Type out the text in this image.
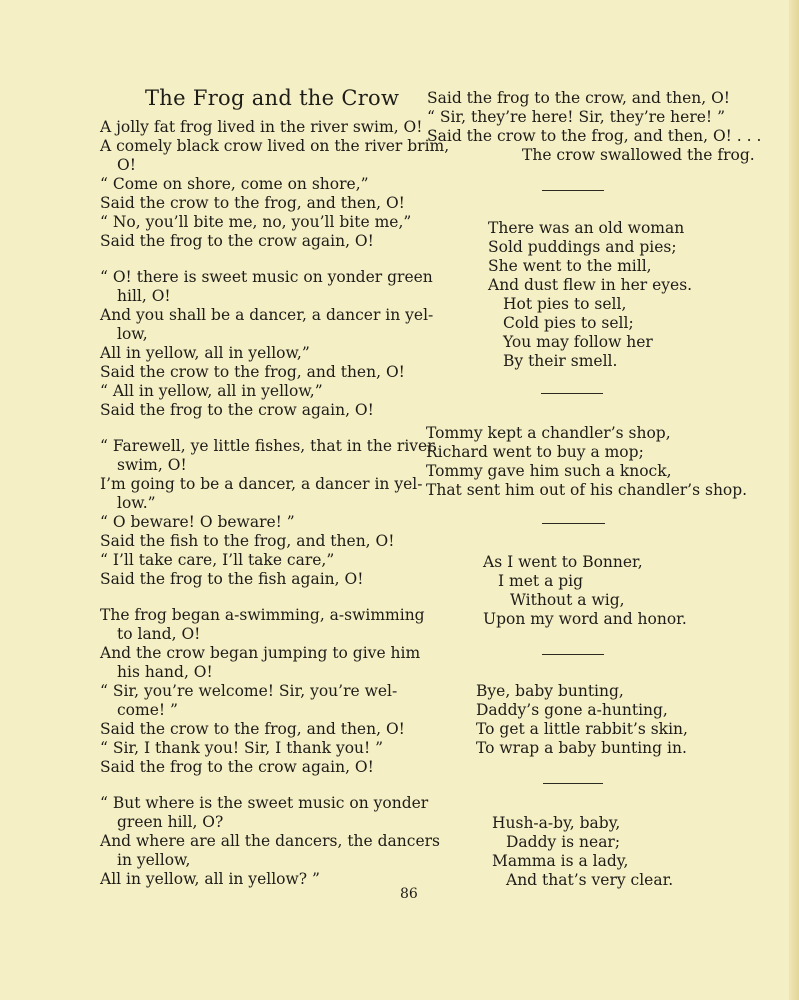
The Frog and the Crow
A jolly fat frog lived in the river swim, O!
A comely black crow lived on the river brim,
O!
“ Come on shore, come on shore,”
Said the crow to the frog, and then, O!
“ No, you’ll bite me, no, you’ll bite me,”
Said the frog to the crow again, O!
“ O! there is sweet music on yonder green
hill, O!
And you shall be a dancer, a dancer in yel-
low,
All in yellow, all in yellow,”
Said the crow to the frog, and then, O!
“ All in yellow, all in yellow,”
Said the frog to the crow again, O!
“ Farewell, ye little fishes, that in the river
swim, O!
I’m going to be a dancer, a dancer in yel-
low.”
“ O beware! O beware! ”
Said the fish to the frog, and then, O!
“ I’ll take care, I’ll take care,”
Said the frog to the fish again, O!
The frog began a-swimming, a-swimming
to land, O!
And the crow began jumping to give him
his hand, O!
“ Sir, you’re welcome! Sir, you’re wel-
come! ”
Said the crow to the frog, and then, O!
“ Sir, I thank you! Sir, I thank you! ”
Said the frog to the crow again, O!
“ But where is the sweet music on yonder
green hill, O?
And where are all the dancers, the dancers
in yellow,
All in yellow, all in yellow? ”
Said the frog to the crow, and then, O!
“ Sir, they’re here! Sir, they’re here! ”
Said the crow to the frog, and then, O! . . .
The crow swallowed the frog.
There was an old woman
Sold puddings and pies;
She went to the mill,
And dust flew in her eyes.
Hot pies to sell,
Cold pies to sell;
You may follow her
By their smell.
Tommy kept a chandler’s shop,
Richard went to buy a mop;
Tommy gave him such a knock,
That sent him out of his chandler’s shop.
As I went to Bonner,
I met a pig
Without a wig,
Upon my word and honor.
Bye, baby bunting,
Daddy’s gone a-hunting,
To get a little rabbit’s skin,
To wrap a baby bunting in.
Hush-a-by, baby,
Daddy is near;
Mamma is a lady,
And that’s very clear.
86
